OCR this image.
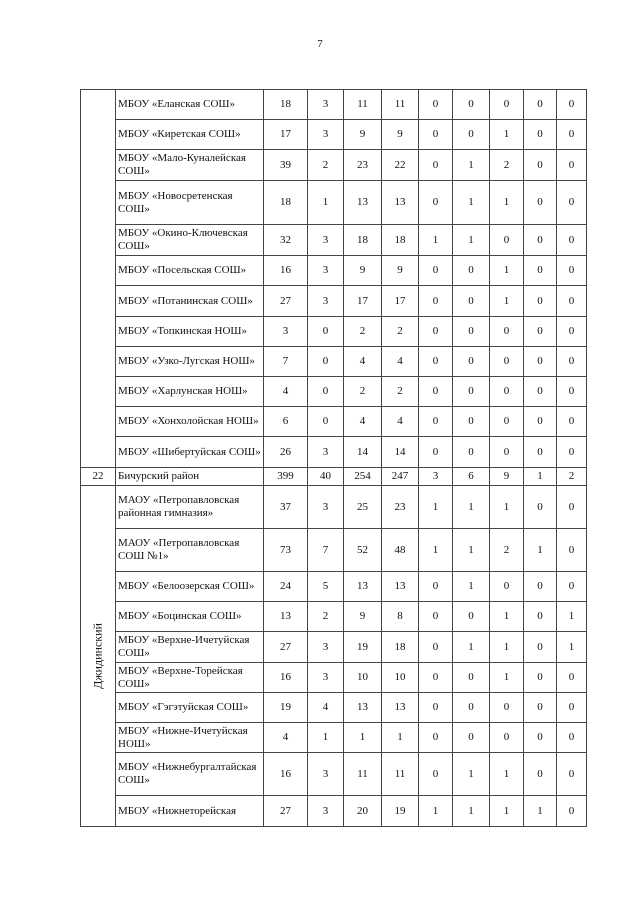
7
	МБОУ «Еланская СОШ»	18	3	11	11	0	0	0	0	0
	МБОУ «Киретская СОШ»	17	3	9	9	0	0	1	0	0
	МБОУ «Мало-Куналейская СОШ»	39	2	23	22	0	1	2	0	0
	МБОУ «Новосретенская СОШ»	18	1	13	13	0	1	1	0	0
	МБОУ «Окино-Ключевская СОШ»	32	3	18	18	1	1	0	0	0
	МБОУ «Посельская СОШ»	16	3	9	9	0	0	1	0	0
	МБОУ «Потанинская СОШ»	27	3	17	17	0	0	1	0	0
	МБОУ «Топкинская НОШ»	3	0	2	2	0	0	0	0	0
	МБОУ «Узко-Лугская НОШ»	7	0	4	4	0	0	0	0	0
	МБОУ «Харлунская НОШ»	4	0	2	2	0	0	0	0	0
	МБОУ «Хонхолойская НОШ»	6	0	4	4	0	0	0	0	0
	МБОУ «Шибертуйская СОШ»	26	3	14	14	0	0	0	0	0
22	Бичурский район	399	40	254	247	3	6	9	1	2

Джидинский	МАОУ «Петропавловская районная гимназия»	37	3	25	23	1	1	1	0	0
	МАОУ «Петропавловская СОШ №1»	73	7	52	48	1	1	2	1	0
	МБОУ «Белоозерская СОШ»	24	5	13	13	0	1	0	0	0
	МБОУ «Боцинская СОШ»	13	2	9	8	0	0	1	0	1
	МБОУ «Верхне-Ичетуйская СОШ»	27	3	19	18	0	1	1	0	1
	МБОУ «Верхне-Торейская СОШ»	16	3	10	10	0	0	1	0	0
	МБОУ «Гэгэтуйская СОШ»	19	4	13	13	0	0	0	0	0
	МБОУ «Нижне-Ичетуйская НОШ»	4	1	1	1	0	0	0	0	0
	МБОУ «Нижнебургалтайская СОШ»	16	3	11	11	0	1	1	0	0
	МБОУ «Нижнеторейская	27	3	20	19	1	1	1	1	0
